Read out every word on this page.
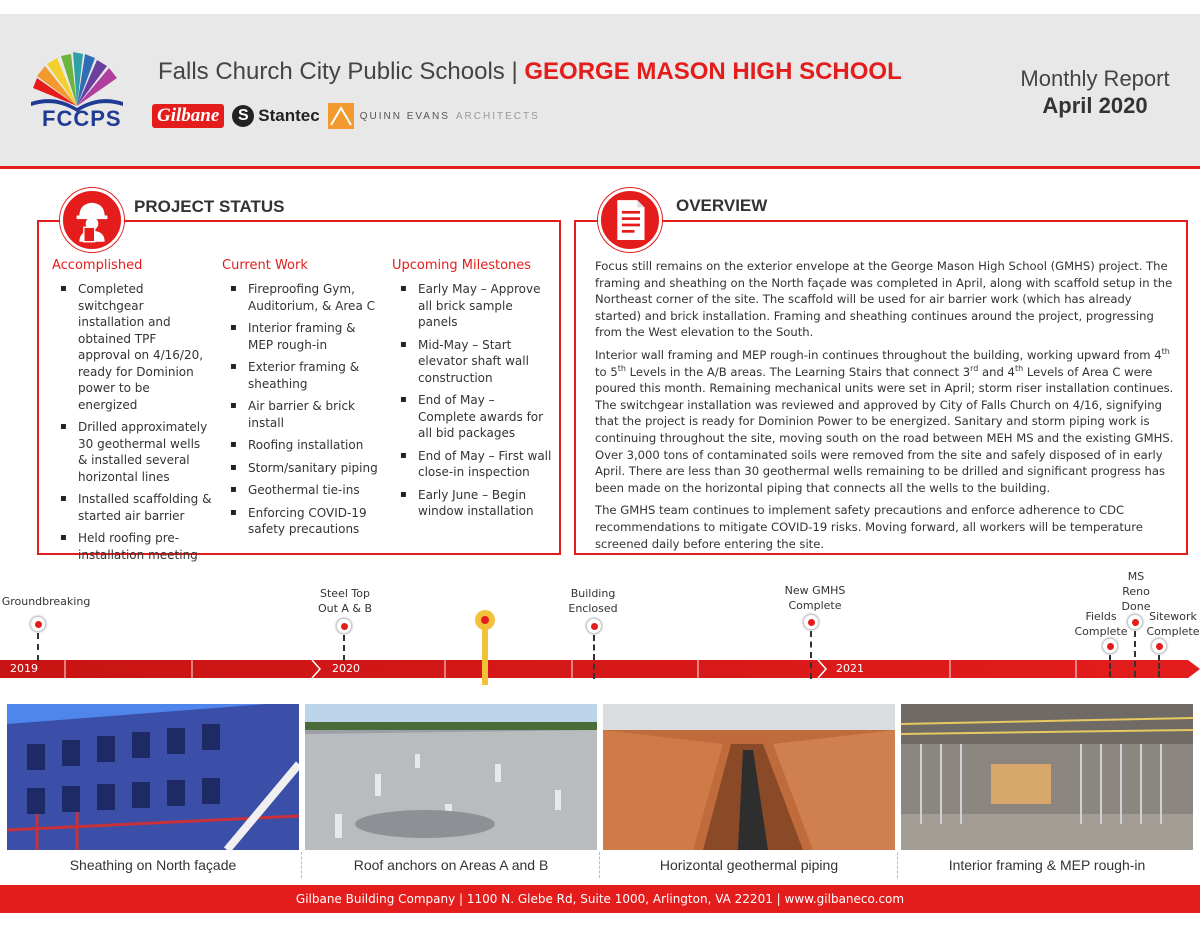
FCCPS
Falls Church City Public Schools | GEORGE MASON HIGH SCHOOL
Gilbane	S Stantec	QUINN EVANS ARCHITECTS
Monthly Report
April 2020
PROJECT STATUS
Accomplished
▪ Completed switchgear installation and obtained TPF approval on 4/16/20, ready for Dominion power to be energized
▪ Drilled approximately 30 geothermal wells & installed several horizontal lines
▪ Installed scaffolding & started air barrier
▪ Held roofing pre-installation meeting
Current Work
▪ Fireproofing Gym, Auditorium, & Area C
▪ Interior framing & MEP rough-in
▪ Exterior framing & sheathing
▪ Air barrier & brick install
▪ Roofing installation
▪ Storm/sanitary piping
▪ Geothermal tie-ins
▪ Enforcing COVID-19 safety precautions
Upcoming Milestones
▪ Early May – Approve all brick sample panels
▪ Mid-May – Start elevator shaft wall construction
▪ End of May – Complete awards for all bid packages
▪ End of May – First wall close-in inspection
▪ Early June – Begin window installation
OVERVIEW

Focus still remains on the exterior envelope at the George Mason High School (GMHS) project. The framing and sheathing on the North façade was completed in April, along with scaffold setup in the Northeast corner of the site. The scaffold will be used for air barrier work (which has already started) and brick installation. Framing and sheathing continues around the project, progressing from the West elevation to the South.

Interior wall framing and MEP rough-in continues throughout the building, working upward from 4th to 5th Levels in the A/B areas. The Learning Stairs that connect 3rd and 4th Levels of Area C were poured this month. Remaining mechanical units were set in April; storm riser installation continues. The switchgear installation was reviewed and approved by City of Falls Church on 4/16, signifying that the project is ready for Dominion Power to be energized. Sanitary and storm piping work is continuing throughout the site, moving south on the road between MEH MS and the existing GMHS. Over 3,000 tons of contaminated soils were removed from the site and safely disposed of in early April. There are less than 30 geothermal wells remaining to be drilled and significant progress has been made on the horizontal piping that connects all the wells to the building.

The GMHS team continues to implement safety precautions and enforce adherence to CDC recommendations to mitigate COVID-19 risks. Moving forward, all workers will be temperature screened daily before entering the site.

2019	2020	2021
Groundbreaking
Steel Top Out A & B
Building Enclosed
New GMHS Complete
Fields Complete
MS Reno Done
Sitework Complete
Sheathing on North façade	Roof anchors on Areas A and B	Horizontal geothermal piping	Interior framing & MEP rough-in
Gilbane Building Company | 1100 N. Glebe Rd, Suite 1000, Arlington, VA 22201 | www.gilbaneco.com
